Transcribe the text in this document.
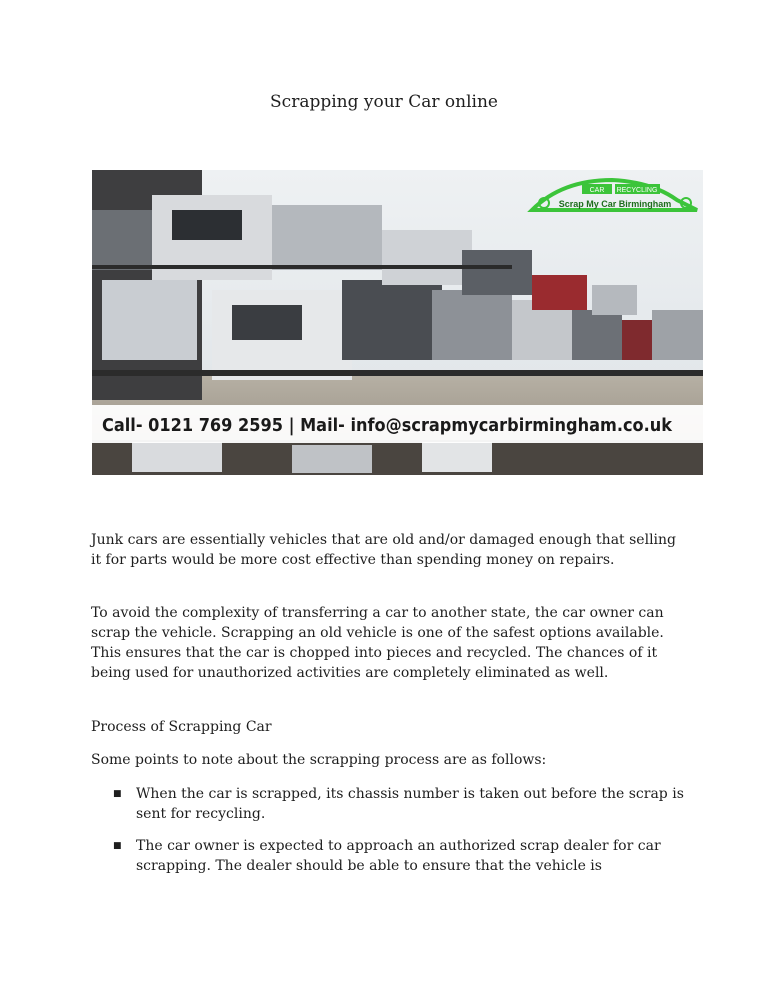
Scrapping your Car online
CAR RECYCLING
Scrap My Car Birmingham
Call- 0121 769 2595 | Mail- info@scrapmycarbirmingham.co.uk
Junk cars are essentially vehicles that are old and/or damaged enough that selling it for parts would be more cost effective than spending money on repairs.
To avoid the complexity of transferring a car to another state, the car owner can scrap the vehicle. Scrapping an old vehicle is one of the safest options available. This ensures that the car is chopped into pieces and recycled. The chances of it being used for unauthorized activities are completely eliminated as well.
Process of Scrapping Car
Some points to note about the scrapping process are as follows:
■ When the car is scrapped, its chassis number is taken out before the scrap is sent for recycling.
■ The car owner is expected to approach an authorized scrap dealer for car scrapping. The dealer should be able to ensure that the vehicle is
